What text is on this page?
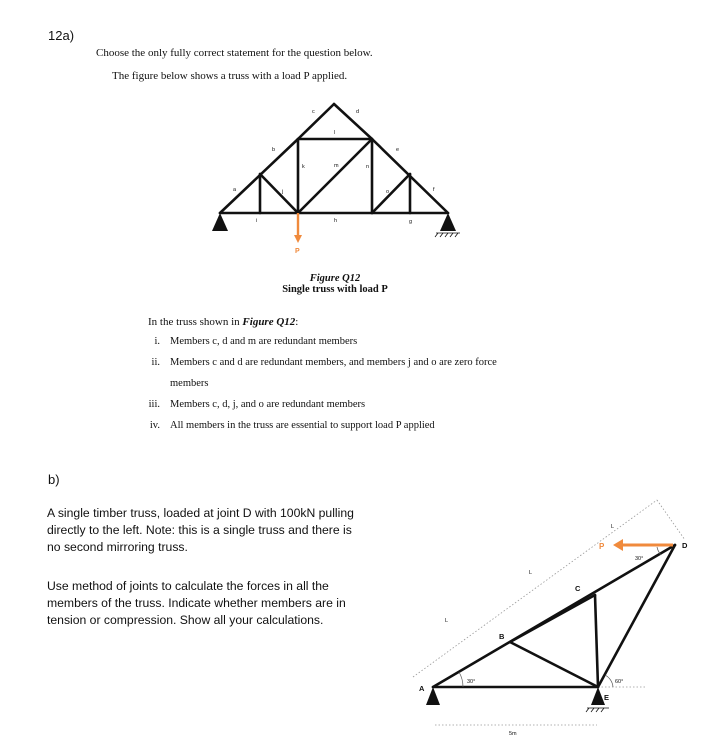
12a)
Choose the only fully correct statement for the question below.
The figure below shows a truss with a load P applied.
P
a
b
c	d
e
f
g
h
i
j
k
l
m	n
o
Figure Q12
Single truss with load P
In the truss shown in Figure Q12:
i. Members c, d and m are redundant members
ii. Members c and d are redundant members, and members j and o are zero force
members
iii. Members c, d, j, and o are redundant members
iv. All members in the truss are essential to support load P applied
b)
A single timber truss, loaded at joint D with 100kN pulling directly to the left. Note: this is a single truss and there is no second mirroring truss.
Use method of joints to calculate the forces in all the members of the truss. Indicate whether members are in tension or compression. Show all your calculations.
P
A
B
C
D
E
L
L
L
5m
30°
30°
60°
